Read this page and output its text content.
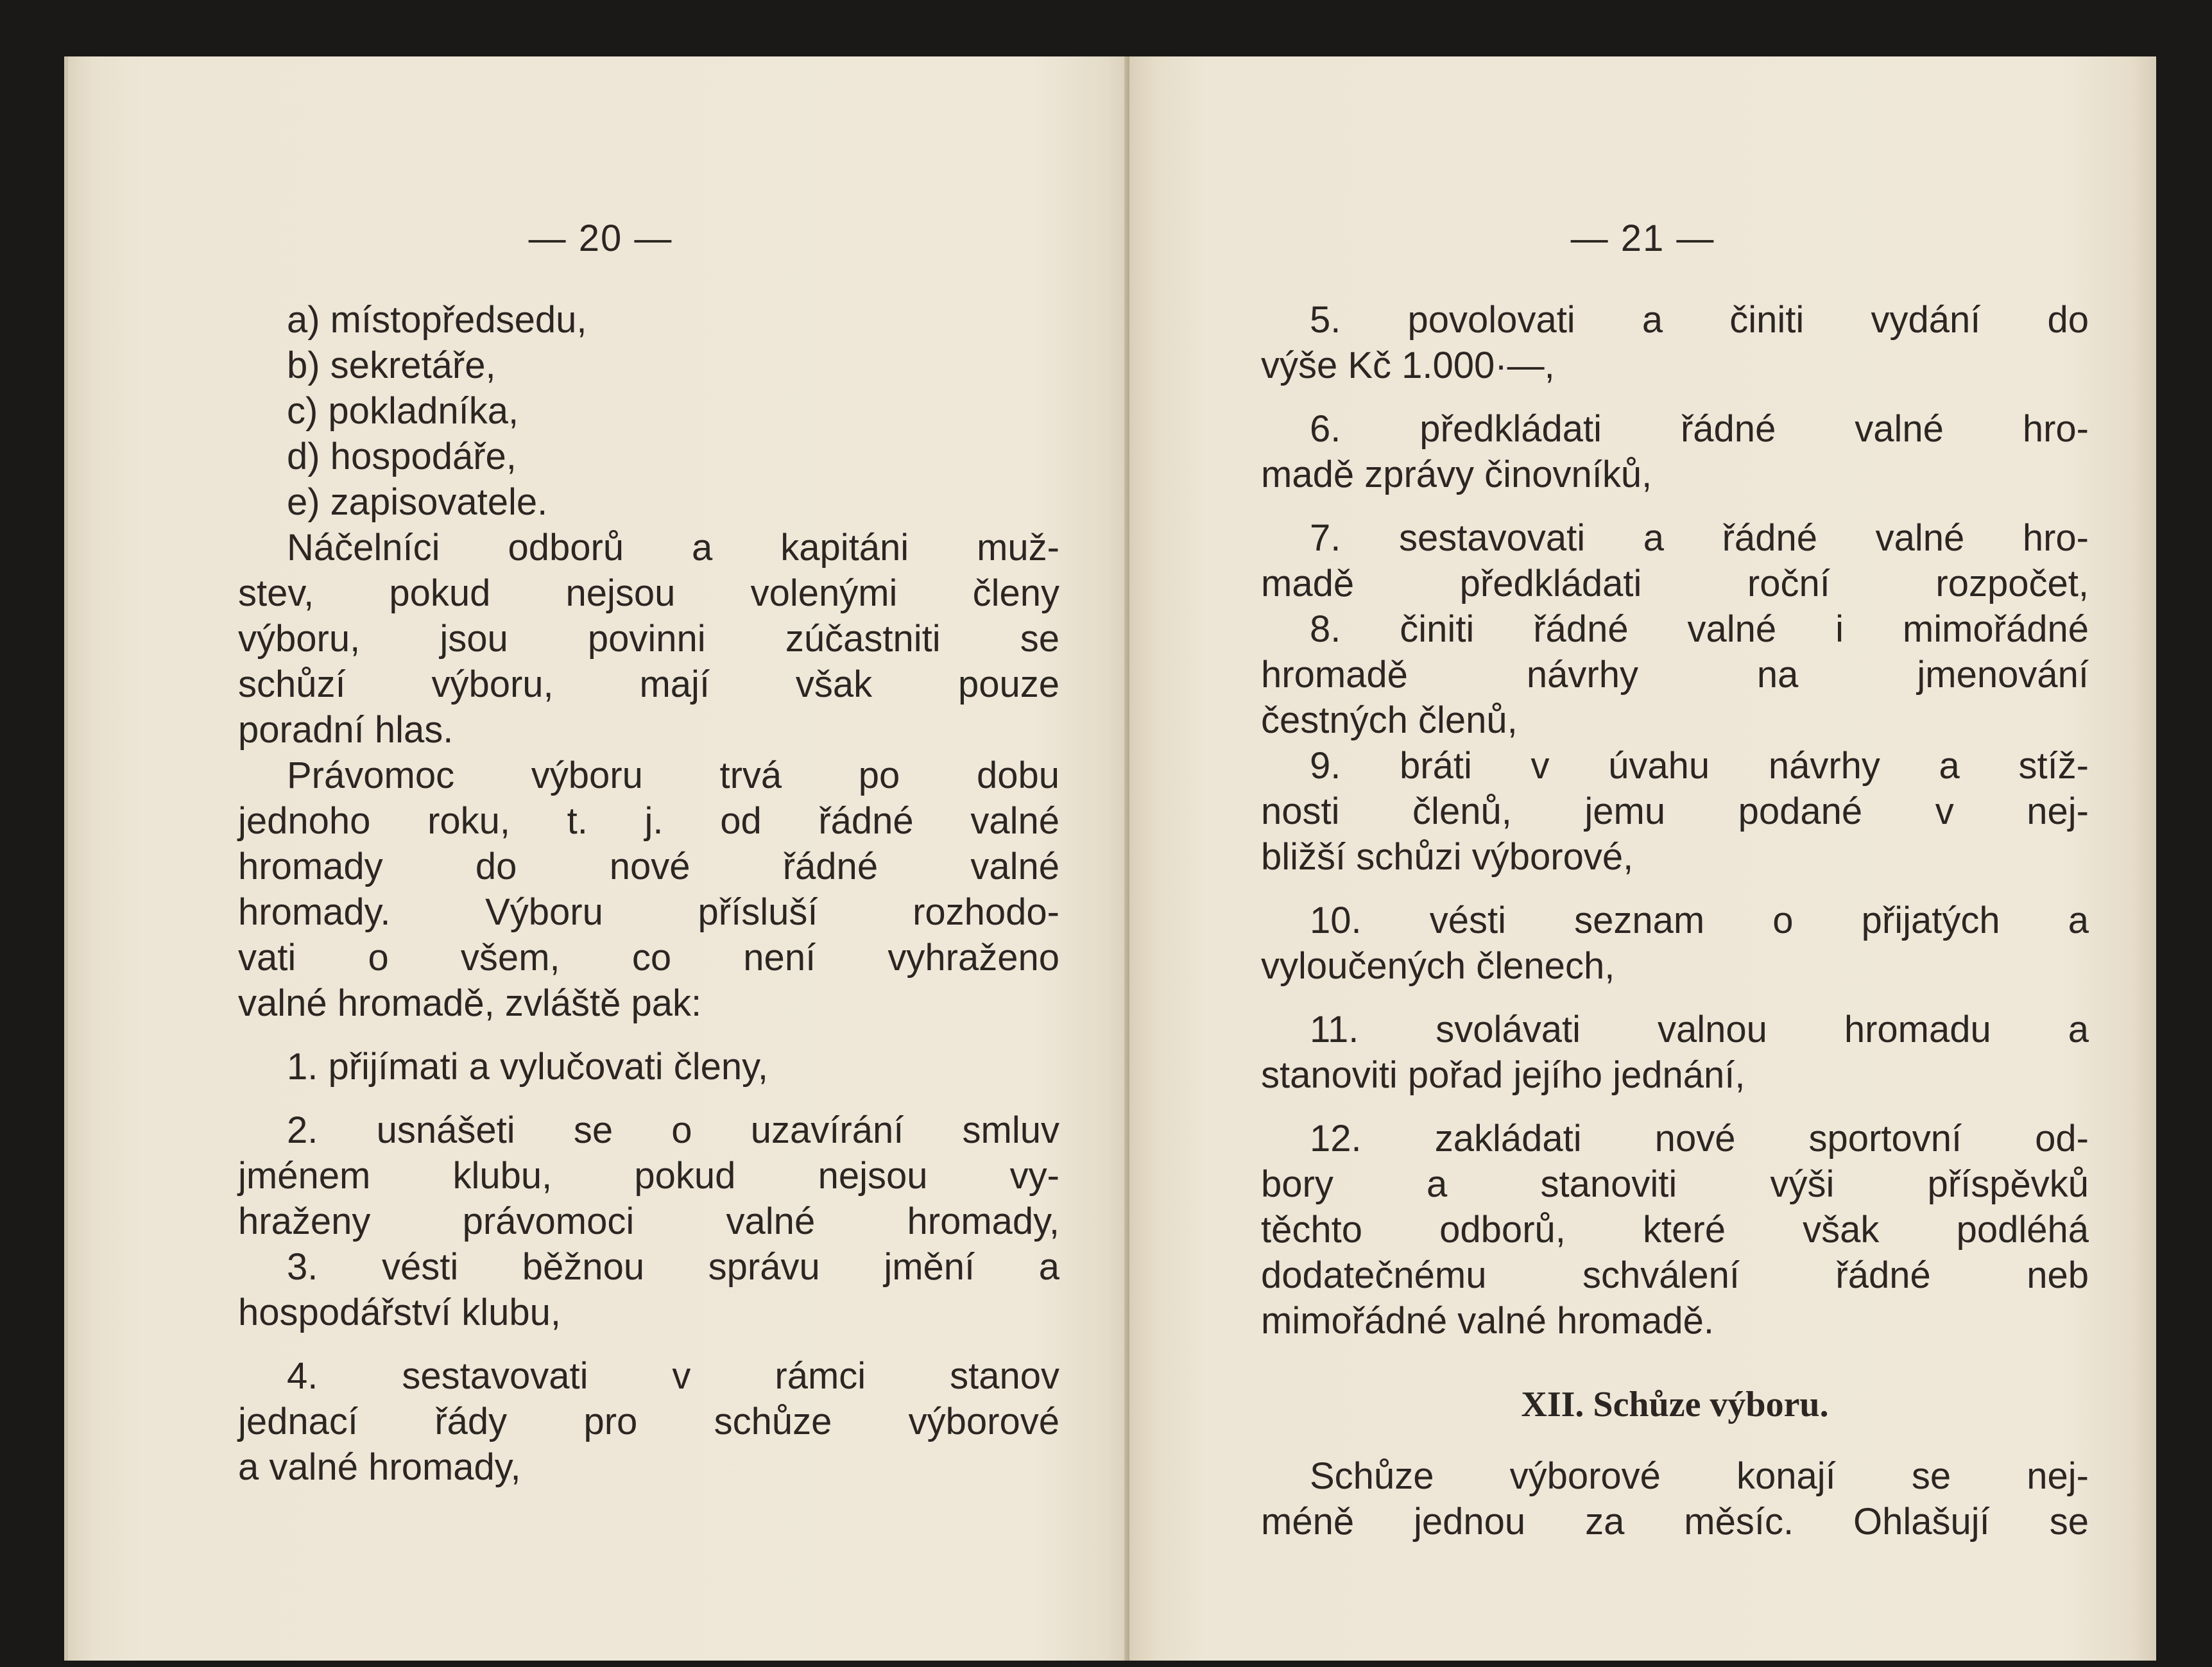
— 20 —
a) místopředsedu,
b) sekretáře,
c) pokladníka,
d) hospodáře,
e) zapisovatele.
Náčelníci odborů a kapitáni muž-
stev, pokud nejsou volenými členy
výboru, jsou povinni zúčastniti se
schůzí výboru, mají však pouze
poradní hlas.
Právomoc výboru trvá po dobu
jednoho roku, t. j. od řádné valné
hromady do nové řádné valné
hromady. Výboru přísluší rozhodo-
vati o všem, co není vyhraženo
valné hromadě, zvláště pak:
1. přijímati a vylučovati členy,
2. usnášeti se o uzavírání smluv
jménem klubu, pokud nejsou vy-
hraženy právomoci valné hromady,
3. vésti běžnou správu jmění a
hospodářství klubu,
4. sestavovati v rámci stanov
jednací řády pro schůze výborové
a valné hromady,
— 21 —
5. povolovati a činiti vydání do
výše Kč 1.000·—,
6. předkládati řádné valné hro-
madě zprávy činovníků,
7. sestavovati a řádné valné hro-
madě předkládati roční rozpočet,
8. činiti řádné valné i mimořádné
hromadě návrhy na jmenování
čestných členů,
9. bráti v úvahu návrhy a stíž-
nosti členů, jemu podané v nej-
bližší schůzi výborové,
10. vésti seznam o přijatých a
vyloučených členech,
11. svolávati valnou hromadu a
stanoviti pořad jejího jednání,
12. zakládati nové sportovní od-
bory a stanoviti výši příspěvků
těchto odborů, které však podléhá
dodatečnému schválení řádné neb
mimořádné valné hromadě.
XII. Schůze výboru.
Schůze výborové konají se nej-
méně jednou za měsíc. Ohlašují se
